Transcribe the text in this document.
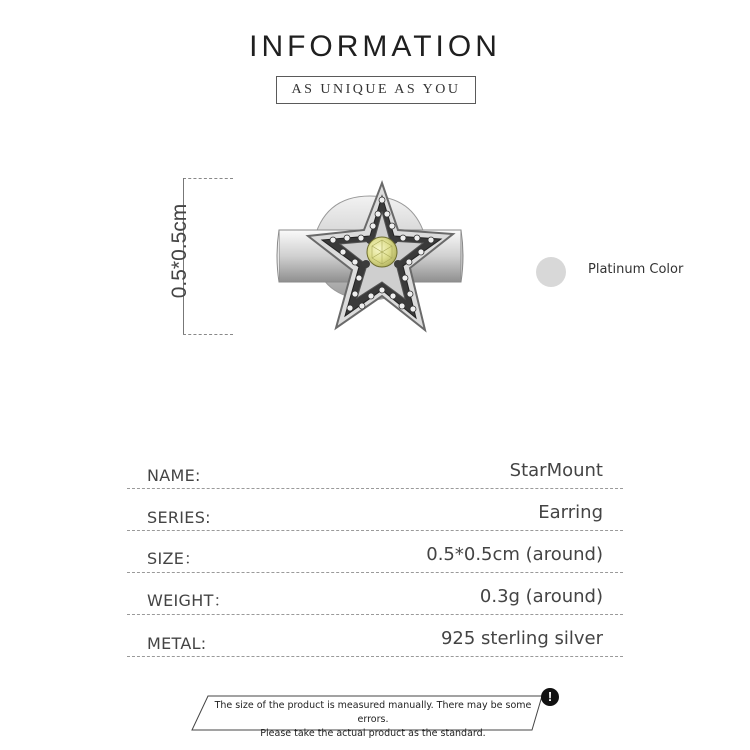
INFORMATION
AS UNIQUE AS YOU
0.5*0.5cm	Platinum Color
NAME:	StarMount
SERIES:	Earring
SIZE：	0.5*0.5cm (around)
WEIGHT：	0.3g (around)
METAL:	925 sterling silver
The size of the product is measured manually. There may be some errors.
Please take the actual product as the standard.
!
